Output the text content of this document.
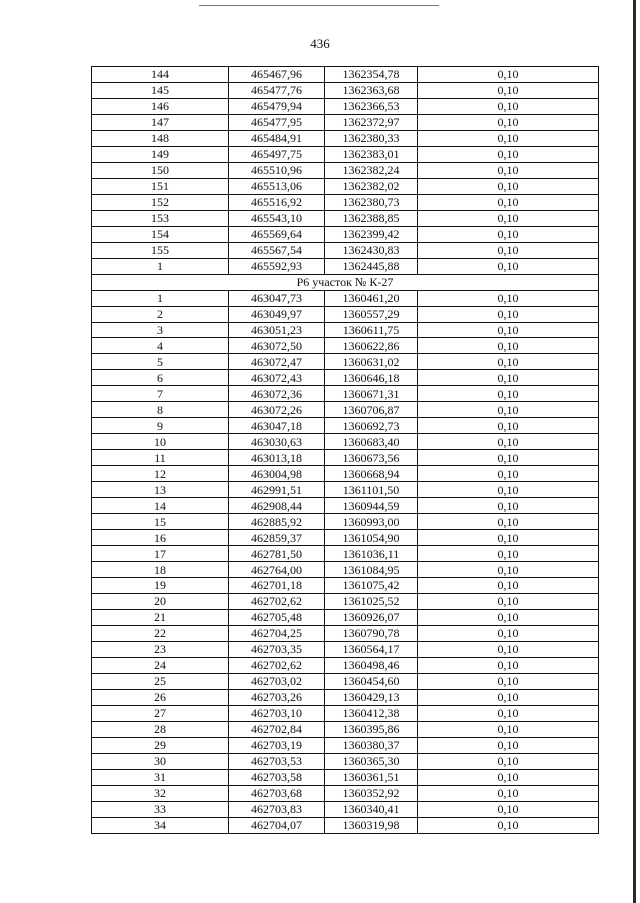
436
144	465467,96	1362354,78	0,10
145	465477,76	1362363,68	0,10
146	465479,94	1362366,53	0,10
147	465477,95	1362372,97	0,10
148	465484,91	1362380,33	0,10
149	465497,75	1362383,01	0,10
150	465510,96	1362382,24	0,10
151	465513,06	1362382,02	0,10
152	465516,92	1362380,73	0,10
153	465543,10	1362388,85	0,10
154	465569,64	1362399,42	0,10
155	465567,54	1362430,83	0,10
1	465592,93	1362445,88	0,10
Р6 участок № К-27			
1	463047,73	1360461,20	0,10
2	463049,97	1360557,29	0,10
3	463051,23	1360611,75	0,10
4	463072,50	1360622,86	0,10
5	463072,47	1360631,02	0,10
6	463072,43	1360646,18	0,10
7	463072,36	1360671,31	0,10
8	463072,26	1360706,87	0,10
9	463047,18	1360692,73	0,10
10	463030,63	1360683,40	0,10
11	463013,18	1360673,56	0,10
12	463004,98	1360668,94	0,10
13	462991,51	1361101,50	0,10
14	462908,44	1360944,59	0,10
15	462885,92	1360993,00	0,10
16	462859,37	1361054,90	0,10
17	462781,50	1361036,11	0,10
18	462764,00	1361084,95	0,10
19	462701,18	1361075,42	0,10
20	462702,62	1361025,52	0,10
21	462705,48	1360926,07	0,10
22	462704,25	1360790,78	0,10
23	462703,35	1360564,17	0,10
24	462702,62	1360498,46	0,10
25	462703,02	1360454,60	0,10
26	462703,26	1360429,13	0,10
27	462703,10	1360412,38	0,10
28	462702,84	1360395,86	0,10
29	462703,19	1360380,37	0,10
30	462703,53	1360365,30	0,10
31	462703,58	1360361,51	0,10
32	462703,68	1360352,92	0,10
33	462703,83	1360340,41	0,10
34	462704,07	1360319,98	0,10
